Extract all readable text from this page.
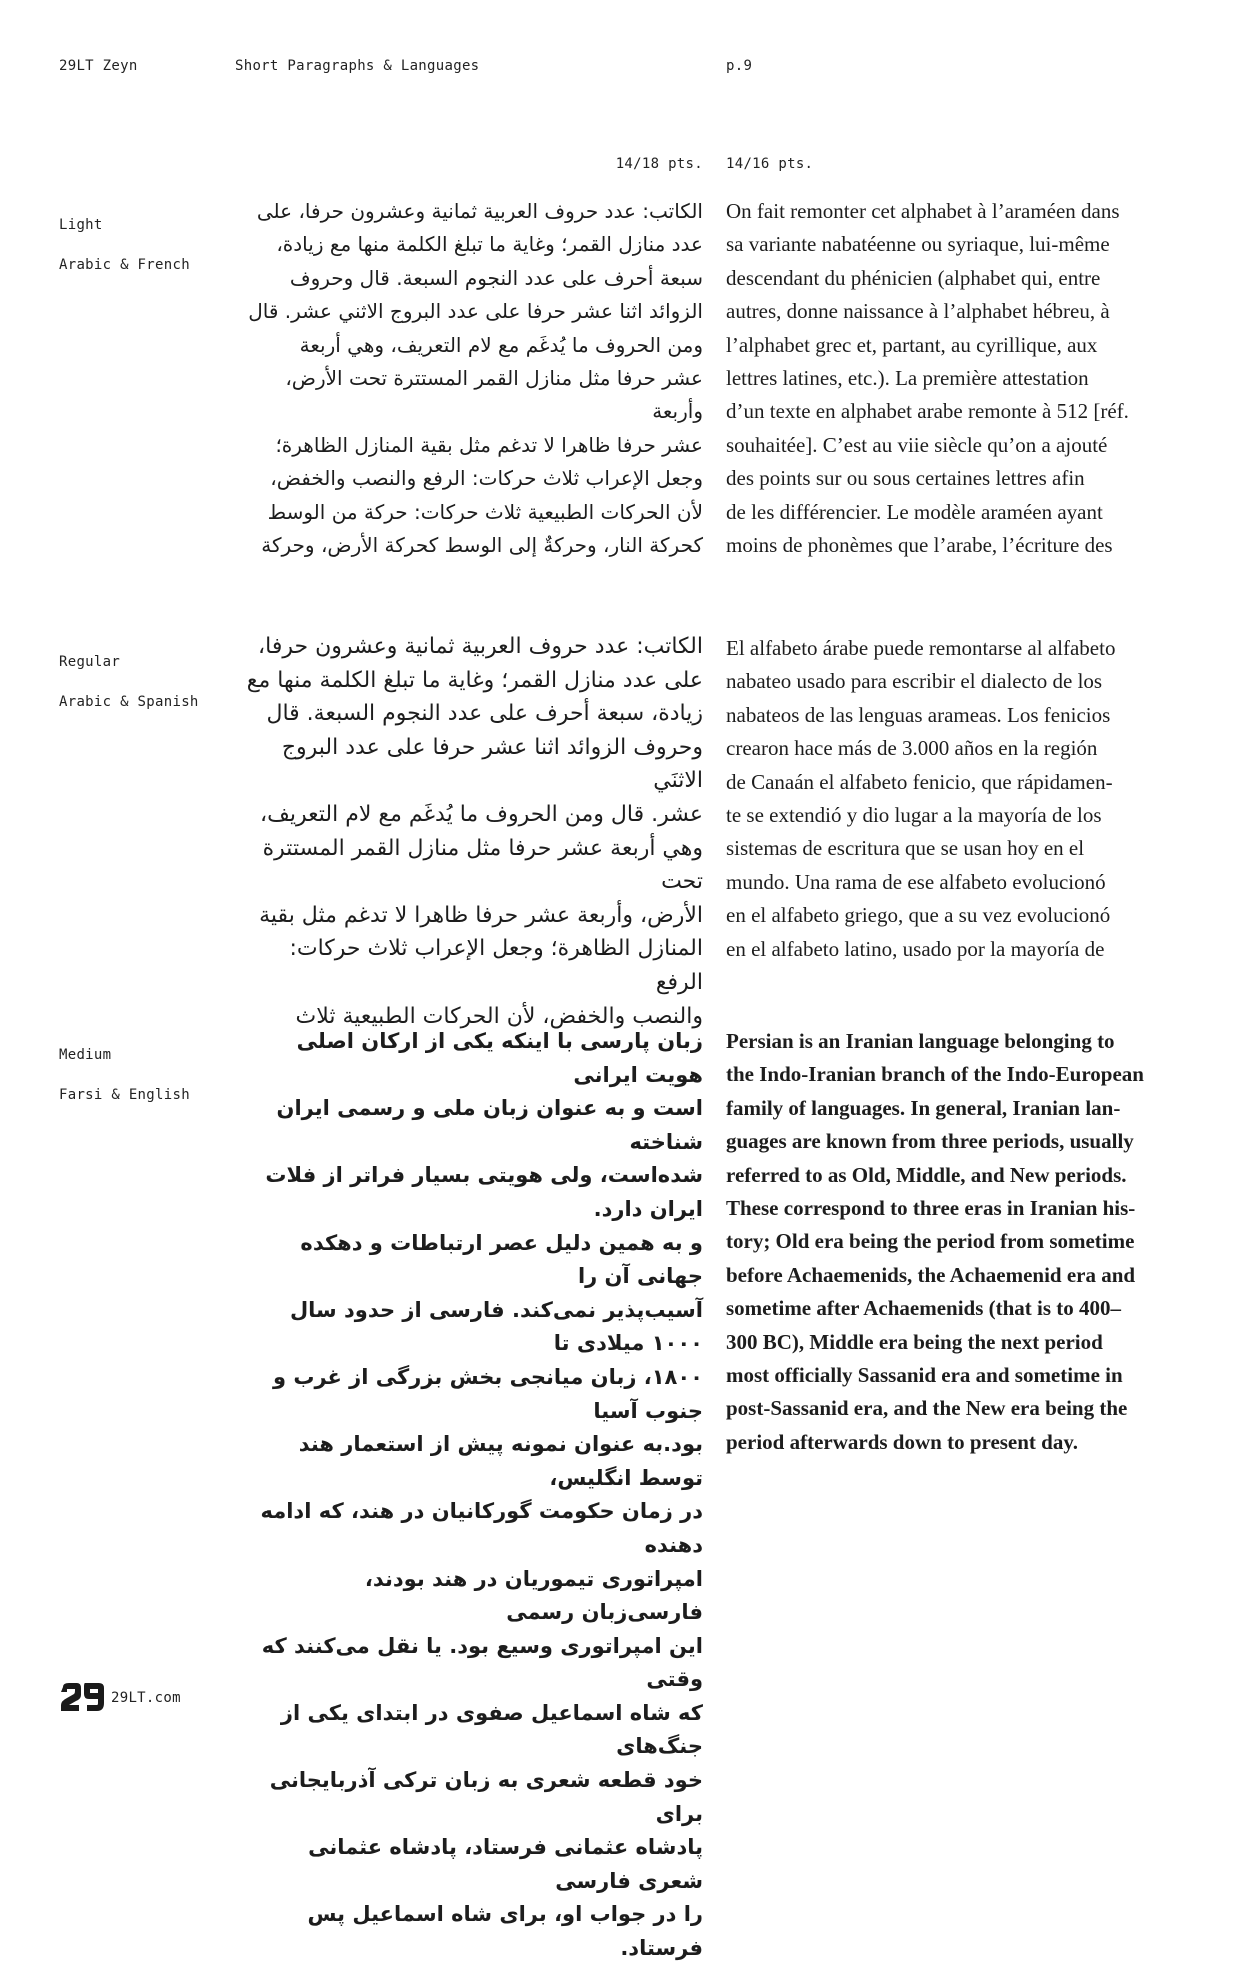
29LT Zeyn	Short Paragraphs & Languages	p.9
14/18 pts. 14/16 pts.

Light

Arabic & French

الكاتب: عدد حروف العربية ثمانية وعشرون حرفا، على
عدد منازل القمر؛ وغاية ما تبلغ الكلمة منها مع زيادة،
سبعة أحرف على عدد النجوم السبعة. قال وحروف
الزوائد اثنا عشر حرفا على عدد البروج الاثني عشر. قال
ومن الحروف ما يُدغَم مع لام التعريف، وهي أربعة
عشر حرفا مثل منازل القمر المستترة تحت الأرض، وأربعة
عشر حرفا ظاهرا لا تدغم مثل بقية المنازل الظاهرة؛
وجعل الإعراب ثلاث حركات: الرفع والنصب والخفض،
لأن الحركات الطبيعية ثلاث حركات: حركة من الوسط
كحركة النار، وحركةٌ إلى الوسط كحركة الأرض، وحركة
On fait remonter cet alphabet à l’araméen dans
sa variante nabatéenne ou syriaque, lui-même
descendant du phénicien (alphabet qui, entre
autres, donne naissance à l’alphabet hébreu, à
l’alphabet grec et, partant, au cyrillique, aux
lettres latines, etc.). La première attestation
d’un texte en alphabet arabe remonte à 512 [réf.
souhaitée]. C’est au viie siècle qu’on a ajouté
des points sur ou sous certaines lettres afin
de les différencier. Le modèle araméen ayant
moins de phonèmes que l’arabe, l’écriture des

Regular

Arabic & Spanish

الكاتب: عدد حروف العربية ثمانية وعشرون حرفا،
على عدد منازل القمر؛ وغاية ما تبلغ الكلمة منها مع
زيادة، سبعة أحرف على عدد النجوم السبعة. قال
وحروف الزوائد اثنا عشر حرفا على عدد البروج الاثنَي
عشر. قال ومن الحروف ما يُدغَم مع لام التعريف،
وهي أربعة عشر حرفا مثل منازل القمر المستترة تحت
الأرض، وأربعة عشر حرفا ظاهرا لا تدغم مثل بقية
المنازل الظاهرة؛ وجعل الإعراب ثلاث حركات: الرفع
والنصب والخفض، لأن الحركات الطبيعية ثلاث
El alfabeto árabe puede remontarse al alfabeto
nabateo usado para escribir el dialecto de los
nabateos de las lenguas arameas. Los fenicios
crearon hace más de 3.000 años en la región
de Canaán el alfabeto fenicio, que rápidamen-
te se extendió y dio lugar a la mayoría de los
sistemas de escritura que se usan hoy en el
mundo. Una rama de ese alfabeto evolucionó
en el alfabeto griego, que a su vez evolucionó
en el alfabeto latino, usado por la mayoría de

Medium

Farsi & English

زبان پارسی با اینکه یکی از ارکان اصلی هویت ایرانی
است و به عنوان زبان ملی و رسمی ایران شناخته
شده‌است، ولی هویتی بسیار فراتر از فلات ایران دارد.
و به همین دلیل عصر ارتباطات و دهکده جهانی آن را
آسیب‌پذیر نمی‌کند. فارسی از حدود سال ۱۰۰۰ میلادی تا
۱۸۰۰، زبان میانجی بخش بزرگی از غرب و جنوب آسیا
بود.به عنوان نمونه پیش از استعمار هند توسط انگلیس،
در زمان حکومت گورکانیان در هند، که ادامه دهنده
امپراتوری تیموریان در هند بودند، فارسی‌زبان رسمی
این امپراتوری وسیع بود. یا نقل می‌کنند که وقتی
که شاه اسماعیل صفوی در ابتدای یکی از جنگ‌های
خود قطعه شعری به زبان ترکی آذربایجانی برای
پادشاه عثمانی فرستاد، پادشاه عثمانی شعری فارسی
را در جواب او، برای شاه اسماعیل پس فرستاد.
Persian is an Iranian language belonging to
the Indo-Iranian branch of the Indo-European
family of languages. In general, Iranian lan-
guages are known from three periods, usually
referred to as Old, Middle, and New periods.
These correspond to three eras in Iranian his-
tory; Old era being the period from sometime
before Achaemenids, the Achaemenid era and
sometime after Achaemenids (that is to 400–
300 BC), Middle era being the next period
most officially Sassanid era and sometime in
post-Sassanid era, and the New era being the
period afterwards down to present day.
29LT.com
